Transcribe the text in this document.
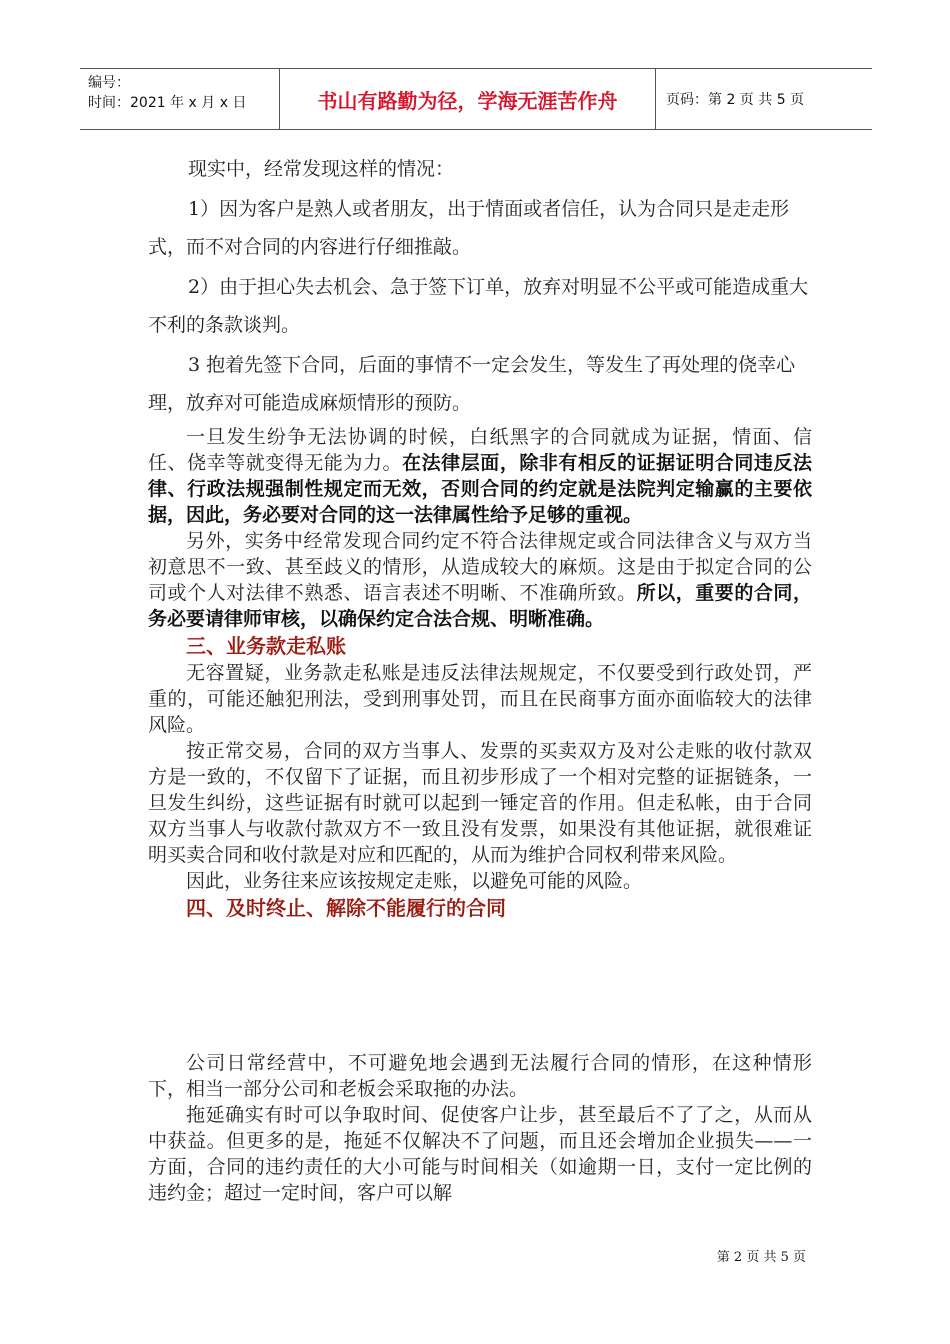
编号：
时间：2021 年 x 月 x 日	书山有路勤为径，学海无涯苦作舟	页码：第 2 页 共 5 页

现实中，经常发现这样的情况：

1）因为客户是熟人或者朋友，出于情面或者信任，认为合同只是走走形式，而不对合同的内容进行仔细推敲。

2）由于担心失去机会、急于签下订单，放弃对明显不公平或可能造成重大不利的条款谈判。

3 抱着先签下合同，后面的事情不一定会发生，等发生了再处理的侥幸心理，放弃对可能造成麻烦情形的预防。

一旦发生纷争无法协调的时候，白纸黑字的合同就成为证据，情面、信任、侥幸等就变得无能为力。在法律层面，除非有相反的证据证明合同违反法律、行政法规强制性规定而无效，否则合同的约定就是法院判定输赢的主要依据，因此，务必要对合同的这一法律属性给予足够的重视。

另外，实务中经常发现合同约定不符合法律规定或合同法律含义与双方当初意思不一致、甚至歧义的情形，从造成较大的麻烦。这是由于拟定合同的公司或个人对法律不熟悉、语言表述不明晰、不准确所致。所以，重要的合同，务必要请律师审核，以确保约定合法合规、明晰准确。

三、业务款走私账

无容置疑，业务款走私账是违反法律法规规定，不仅要受到行政处罚，严重的，可能还触犯刑法，受到刑事处罚，而且在民商事方面亦面临较大的法律风险。

按正常交易，合同的双方当事人、发票的买卖双方及对公走账的收付款双方是一致的，不仅留下了证据，而且初步形成了一个相对完整的证据链条，一旦发生纠纷，这些证据有时就可以起到一锤定音的作用。但走私帐，由于合同双方当事人与收款付款双方不一致且没有发票，如果没有其他证据，就很难证明买卖合同和收付款是对应和匹配的，从而为维护合同权利带来风险。

因此，业务往来应该按规定走账，以避免可能的风险。

四、及时终止、解除不能履行的合同

公司日常经营中，不可避免地会遇到无法履行合同的情形，在这种情形下，相当一部分公司和老板会采取拖的办法。

拖延确实有时可以争取时间、促使客户让步，甚至最后不了了之，从而从中获益。但更多的是，拖延不仅解决不了问题，而且还会增加企业损失——一方面，合同的违约责任的大小可能与时间相关（如逾期一日，支付一定比例的违约金；超过一定时间，客户可以解

第 2 页 共 5 页
